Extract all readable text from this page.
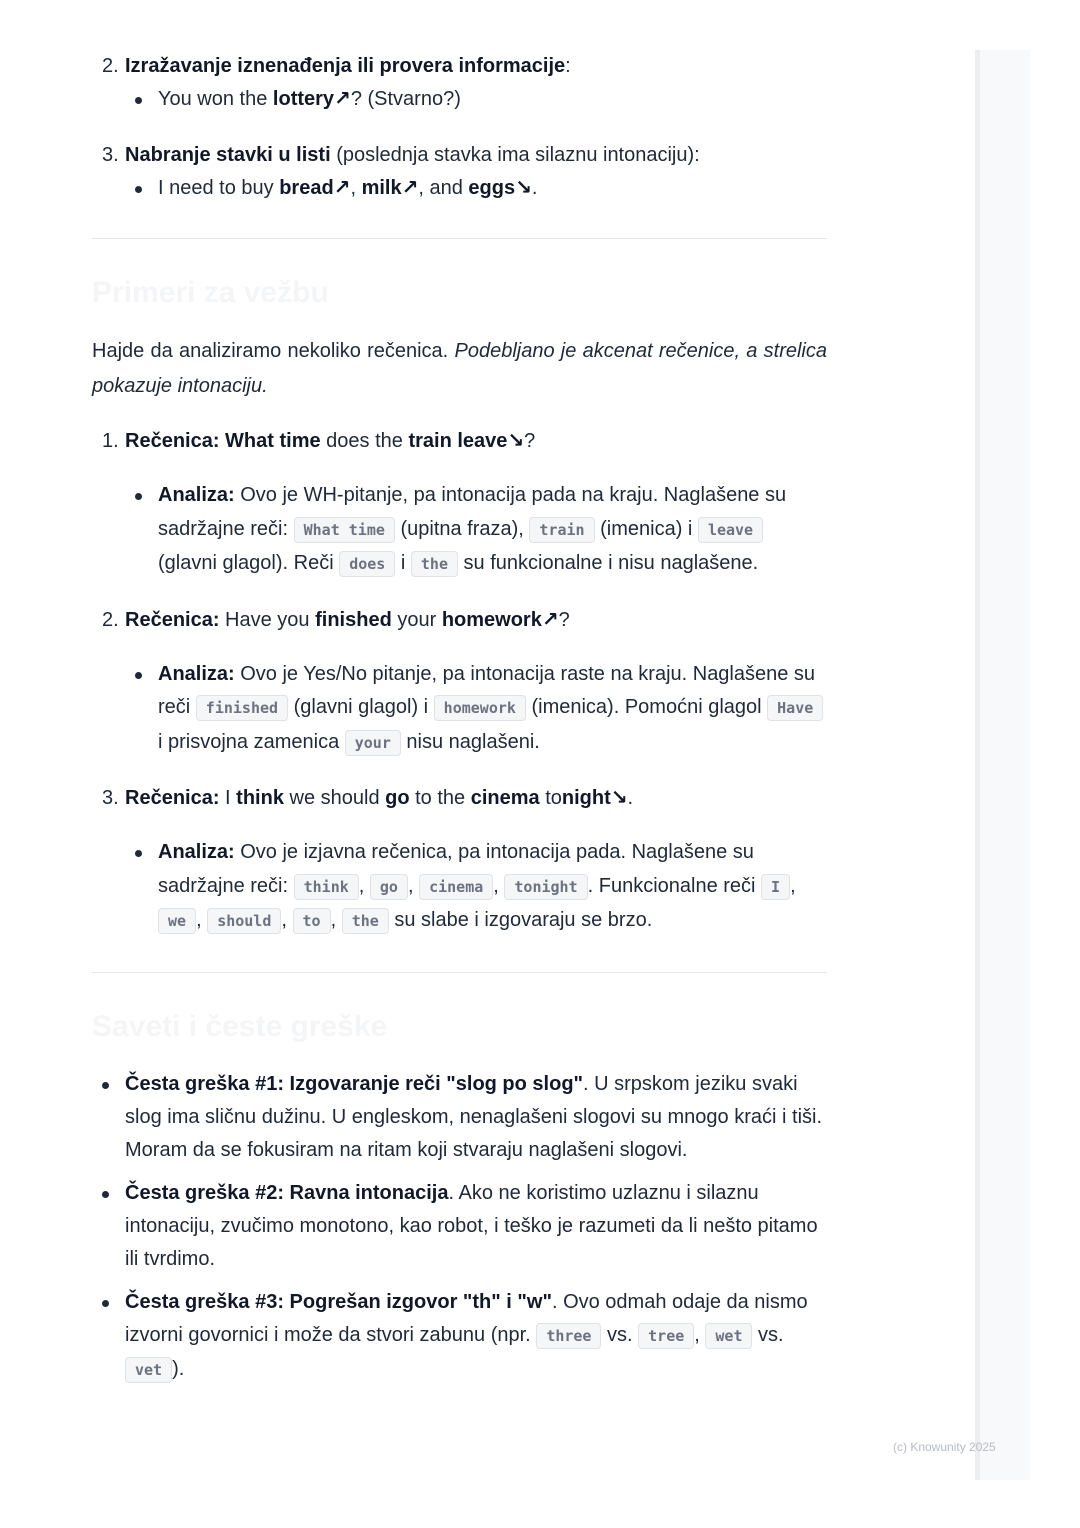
2. Izražavanje iznenađenja ili provera informacije:
You won the lottery↗? (Stvarno?)
3. Nabranje stavki u listi (poslednja stavka ima silaznu intonaciju):
I need to buy bread↗, milk↗, and eggs↘.
Primeri za vežbu

Hajde da analiziramo nekoliko rečenica. Podebljano je akcenat rečenice, a strelica pokazuje intonaciju.

1. Rečenica: What time does the train leave↘?
Analiza: Ovo je WH-pitanje, pa intonacija pada na kraju. Naglašene su sadržajne reči: What time (upitna fraza), train (imenica) i leave (glavni glagol). Reči does i the su funkcionalne i nisu naglašene.
2. Rečenica: Have you finished your homework↗?
Analiza: Ovo je Yes/No pitanje, pa intonacija raste na kraju. Naglašene su reči finished (glavni glagol) i homework (imenica). Pomoćni glagol Have i prisvojna zamenica your nisu naglašeni.
3. Rečenica: I think we should go to the cinema tonight↘.
Analiza: Ovo je izjavna rečenica, pa intonacija pada. Naglašene su sadržajne reči: think , go , cinema , tonight . Funkcionalne reči I , we , should , to , the su slabe i izgovaraju se brzo.
Saveti i česte greške
Česta greška #1: Izgovaranje reči "slog po slog". U srpskom jeziku svaki slog ima sličnu dužinu. U engleskom, nenaglašeni slogovi su mnogo kraći i tiši. Moram da se fokusiram na ritam koji stvaraju naglašeni slogovi.
Česta greška #2: Ravna intonacija. Ako ne koristimo uzlaznu i silaznu intonaciju, zvučimo monotono, kao robot, i teško je razumeti da li nešto pitamo ili tvrdimo.
Česta greška #3: Pogrešan izgovor "th" i "w". Ovo odmah odaje da nismo izvorni govornici i može da stvori zabunu (npr. three vs. tree , wet vs. vet ).
(c) Knowunity 2025
